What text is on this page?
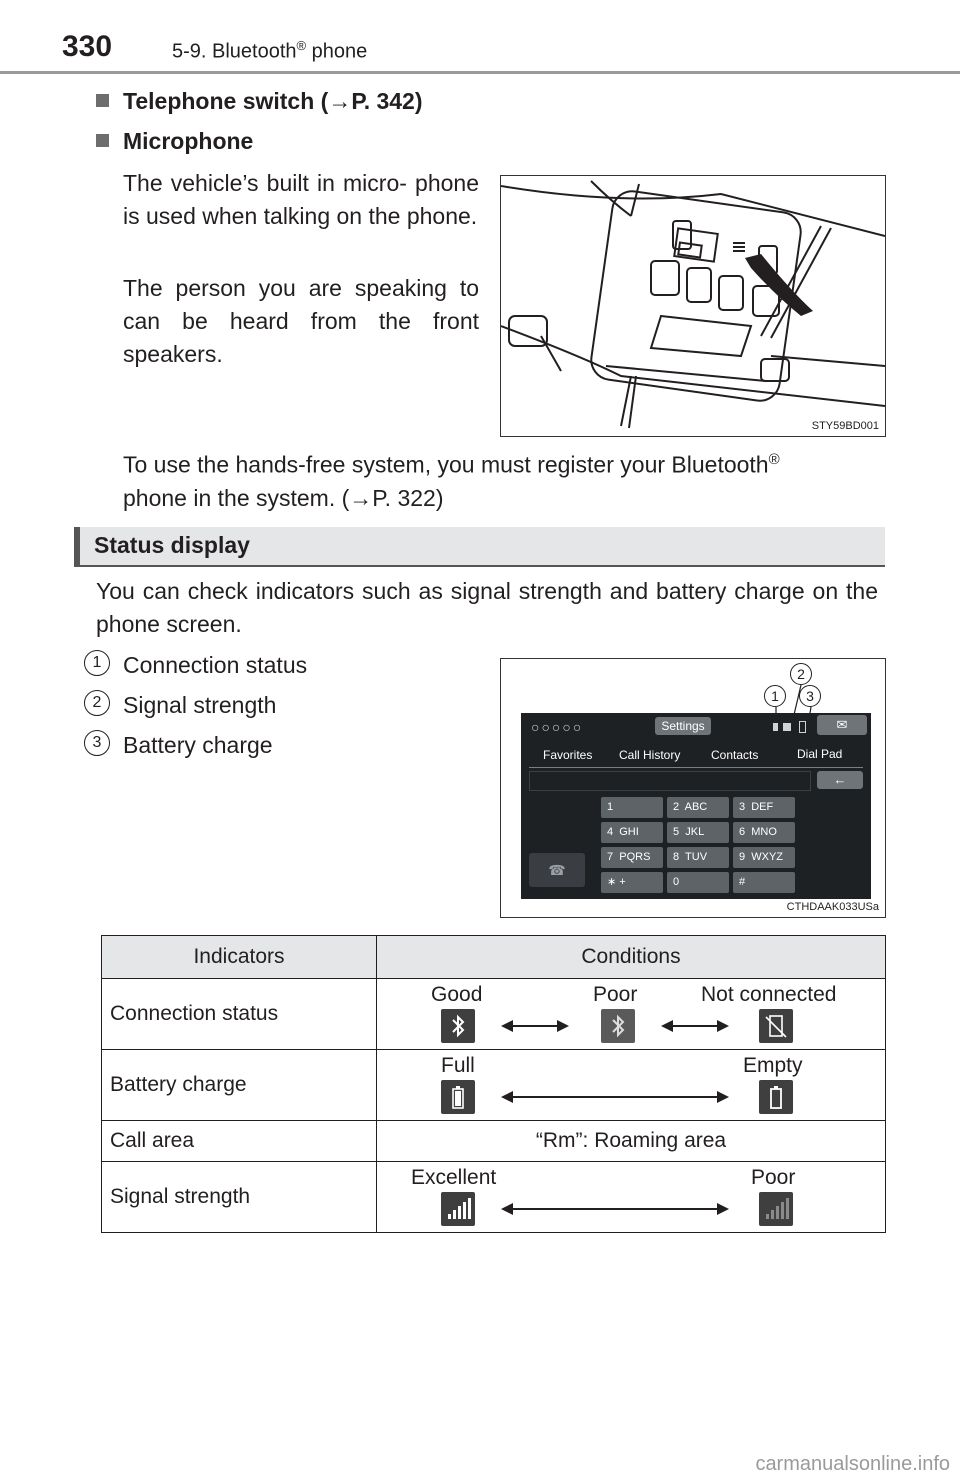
330	5-9. Bluetooth® phone
Telephone switch (→P. 342)
Microphone
The vehicle’s built in micro- phone is used when talking on the phone.
The person you are speaking to can be heard from the front speakers.
STY59BD001
To use the hands-free system, you must register your Bluetooth®
phone in the system. (→P. 322)
Status display
You can check indicators such as signal strength and battery charge on the phone screen.
1 Connection status
2 Signal strength
3 Battery charge
2
1	3
○○○○○	Settings	✉
Favorites Call History	Contacts	Dial Pad
←
1	2  ABC	3  DEF
4  GHI	5  JKL	6  MNO
7  PQRS	8  TUV	9  WXYZ
∗ +	0	#
☎
CTHDAAK033USa
Indicators	Conditions
Connection status	Good Poor Not connected

Battery charge	Full Empty

Call area	“Rm”: Roaming area
Signal strength	Excellent Poor
carmanualsonline.info
